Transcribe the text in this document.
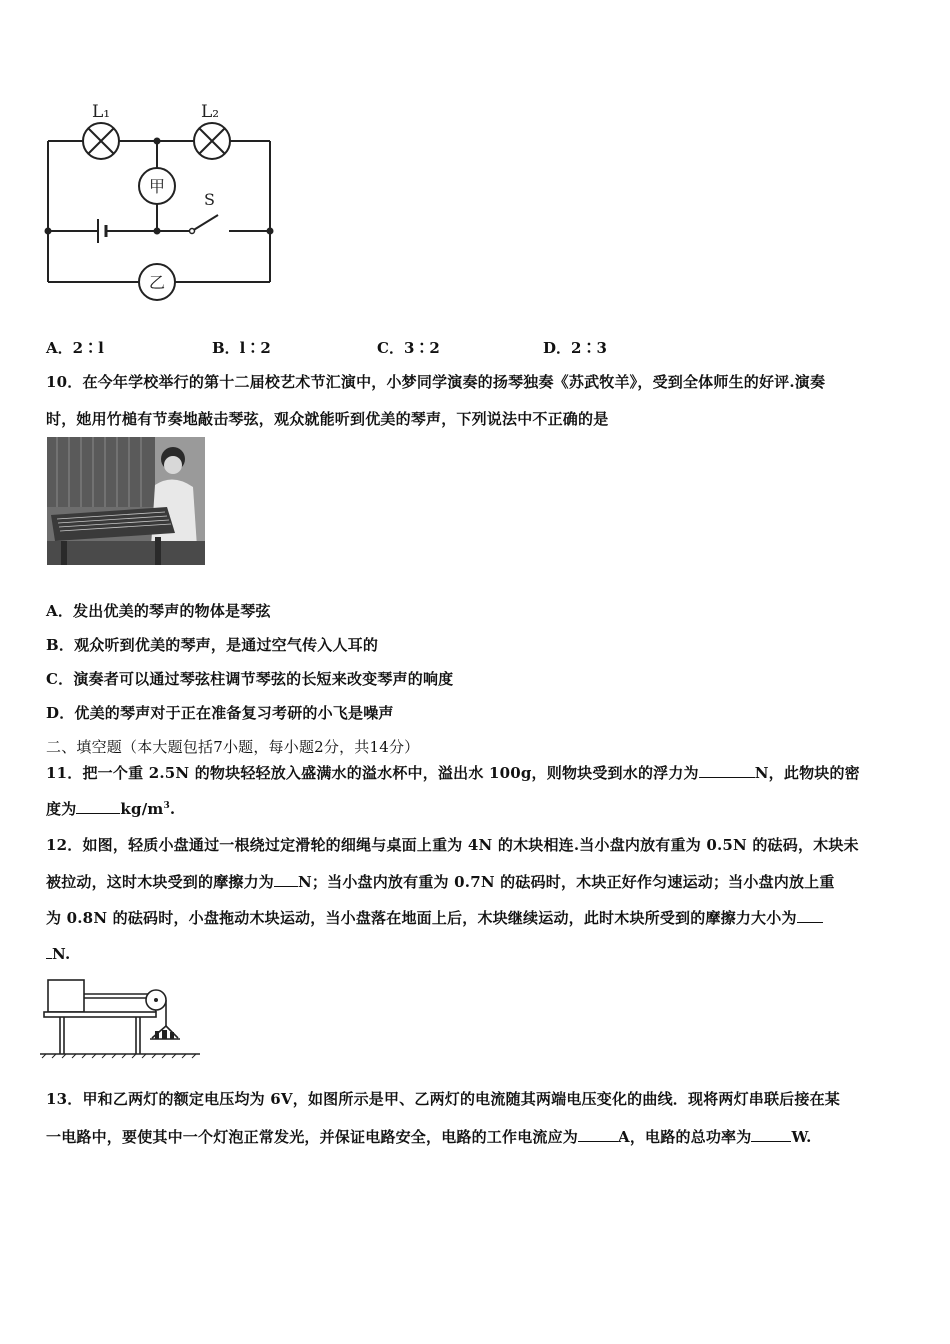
L₁	L₂
甲
乙
S
A．2∶l	B．l∶2	C．3∶2	D．2∶3
10．在今年学校举行的第十二届校艺术节汇演中，小梦同学演奏的扬琴独奏《苏武牧羊》，受到全体师生的好评.演奏
时，她用竹槌有节奏地敲击琴弦，观众就能听到优美的琴声，下列说法中不正确的是
A．发出优美的琴声的物体是琴弦
B．观众听到优美的琴声，是通过空气传入人耳的
C．演奏者可以通过琴弦柱调节琴弦的长短来改变琴声的响度
D．优美的琴声对于正在准备复习考研的小飞是噪声
二、填空题（本大题包括7小题，每小题2分，共14分）
11．把一个重 2.5N 的物块轻轻放入盛满水的溢水杯中，溢出水 100g，则物块受到水的浮力为	N，此物块的密
度为	$kg/m^3$.
12．如图，轻质小盘通过一根绕过定滑轮的细绳与桌面上重为 4N 的木块相连.当小盘内放有重为 0.5N 的砝码，木块未
被拉动，这时木块受到的摩擦力为 N；当小盘内放有重为 0.7N 的砝码时，木块正好作匀速运动；当小盘内放上重
为 0.8N 的砝码时，小盘拖动木块运动，当小盘落在地面上后，木块继续运动，此时木块所受到的摩擦力大小为
N.
13．甲和乙两灯的额定电压均为 6V，如图所示是甲、乙两灯的电流随其两端电压变化的曲线．现将两灯串联后接在某
一电路中，要使其中一个灯泡正常发光，并保证电路安全，电路的工作电流应为	A，电路的总功率为	W.
